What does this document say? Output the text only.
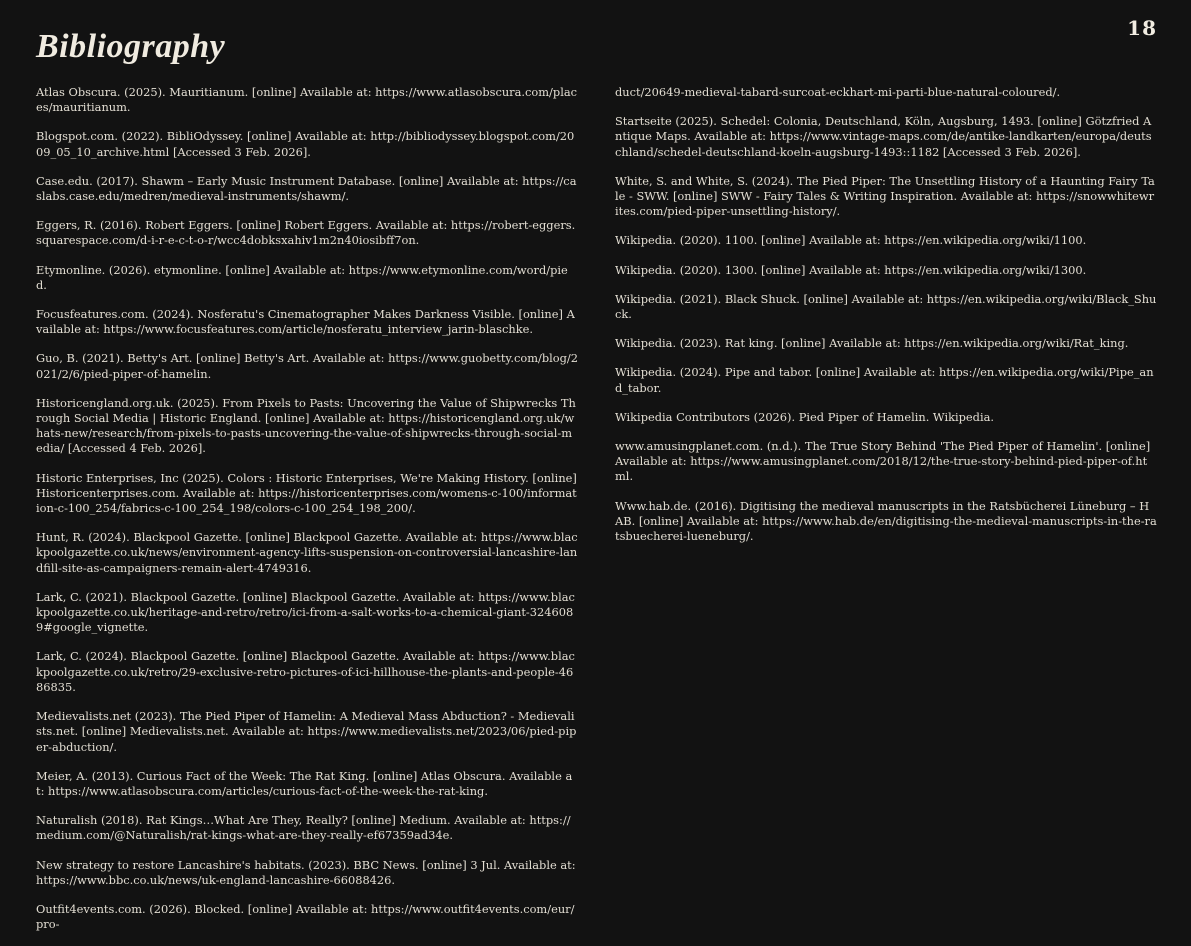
18
Bibliography

Atlas Obscura. (2025). Mauritianum. [online] Available at: https://www.atlasobscura.com/places/mauritianum.

Blogspot.com. (2022). BibliOdyssey. [online] Available at: http://bibliodyssey.blogspot.com/2009_05_10_archive.html [Accessed 3 Feb. 2026].

Case.edu. (2017). Shawm – Early Music Instrument Database. [online] Available at: https://caslabs.case.edu/medren/medieval-instruments/shawm/.

Eggers, R. (2016). Robert Eggers. [online] Robert Eggers. Available at: https://robert-eggers.squarespace.com/d-i-r-e-c-t-o-r/wcc4dobksxahiv1m2n40iosibff7on.

Etymonline. (2026). etymonline. [online] Available at: https://www.etymonline.com/word/pied.

Focusfeatures.com. (2024). Nosferatu's Cinematographer Makes Darkness Visible. [online] Available at: https://www.focusfeatures.com/article/nosferatu_interview_jarin-blaschke.

Guo, B. (2021). Betty's Art. [online] Betty's Art. Available at: https://www.guobetty.com/blog/2021/2/6/pied-piper-of-hamelin.

Historicengland.org.uk. (2025). From Pixels to Pasts: Uncovering the Value of Shipwrecks Through Social Media | Historic England. [online] Available at: https://historicengland.org.uk/whats-new/research/from-pixels-to-pasts-uncovering-the-value-of-shipwrecks-through-social-media/ [Accessed 4 Feb. 2026].

Historic Enterprises, Inc (2025). Colors : Historic Enterprises, We're Making History. [online] Historicenterprises.com. Available at: https://historicenterprises.com/womens-c-100/information-c-100_254/fabrics-c-100_254_198/colors-c-100_254_198_200/.

Hunt, R. (2024). Blackpool Gazette. [online] Blackpool Gazette. Available at: https://www.blackpoolgazette.co.uk/news/environment-agency-lifts-suspension-on-controversial-lancashire-landfill-site-as-campaigners-remain-alert-4749316.

Lark, C. (2021). Blackpool Gazette. [online] Blackpool Gazette. Available at: https://www.blackpoolgazette.co.uk/heritage-and-retro/retro/ici-from-a-salt-works-to-a-chemical-giant-3246089#google_vignette.

Lark, C. (2024). Blackpool Gazette. [online] Blackpool Gazette. Available at: https://www.blackpoolgazette.co.uk/retro/29-exclusive-retro-pictures-of-ici-hillhouse-the-plants-and-people-4686835.

Medievalists.net (2023). The Pied Piper of Hamelin: A Medieval Mass Abduction? - Medievalists.net. [online] Medievalists.net. Available at: https://www.medievalists.net/2023/06/pied-piper-abduction/.

Meier, A. (2013). Curious Fact of the Week: The Rat King. [online] Atlas Obscura. Available at: https://www.atlasobscura.com/articles/curious-fact-of-the-week-the-rat-king.

Naturalish (2018). Rat Kings…What Are They, Really? [online] Medium. Available at: https://medium.com/@Naturalish/rat-kings-what-are-they-really-ef67359ad34e.

New strategy to restore Lancashire's habitats. (2023). BBC News. [online] 3 Jul. Available at: https://www.bbc.co.uk/news/uk-england-lancashire-66088426.

Outfit4events.com. (2026). Blocked. [online] Available at: https://www.outfit4events.com/eur/pro-

duct/20649-medieval-tabard-surcoat-eckhart-mi-parti-blue-natural-coloured/.

Startseite (2025). Schedel: Colonia, Deutschland, Köln, Augsburg, 1493. [online] Götzfried Antique Maps. Available at: https://www.vintage-maps.com/de/antike-landkarten/europa/deutschland/schedel-deutschland-koeln-augsburg-1493::1182 [Accessed 3 Feb. 2026].

White, S. and White, S. (2024). The Pied Piper: The Unsettling History of a Haunting Fairy Tale - SWW. [online] SWW - Fairy Tales & Writing Inspiration. Available at: https://snowwhitewrites.com/pied-piper-unsettling-history/.

Wikipedia. (2020). 1100. [online] Available at: https://en.wikipedia.org/wiki/1100.

Wikipedia. (2020). 1300. [online] Available at: https://en.wikipedia.org/wiki/1300.

Wikipedia. (2021). Black Shuck. [online] Available at: https://en.wikipedia.org/wiki/Black_Shuck.

Wikipedia. (2023). Rat king. [online] Available at: https://en.wikipedia.org/wiki/Rat_king.

Wikipedia. (2024). Pipe and tabor. [online] Available at: https://en.wikipedia.org/wiki/Pipe_and_tabor.

Wikipedia Contributors (2026). Pied Piper of Hamelin. Wikipedia.

www.amusingplanet.com. (n.d.). The True Story Behind 'The Pied Piper of Hamelin'. [online] Available at: https://www.amusingplanet.com/2018/12/the-true-story-behind-pied-piper-of.html.

Www.hab.de. (2016). Digitising the medieval manuscripts in the Ratsbücherei Lüneburg – HAB. [online] Available at: https://www.hab.de/en/digitising-the-medieval-manuscripts-in-the-ratsbuecherei-lueneburg/.
